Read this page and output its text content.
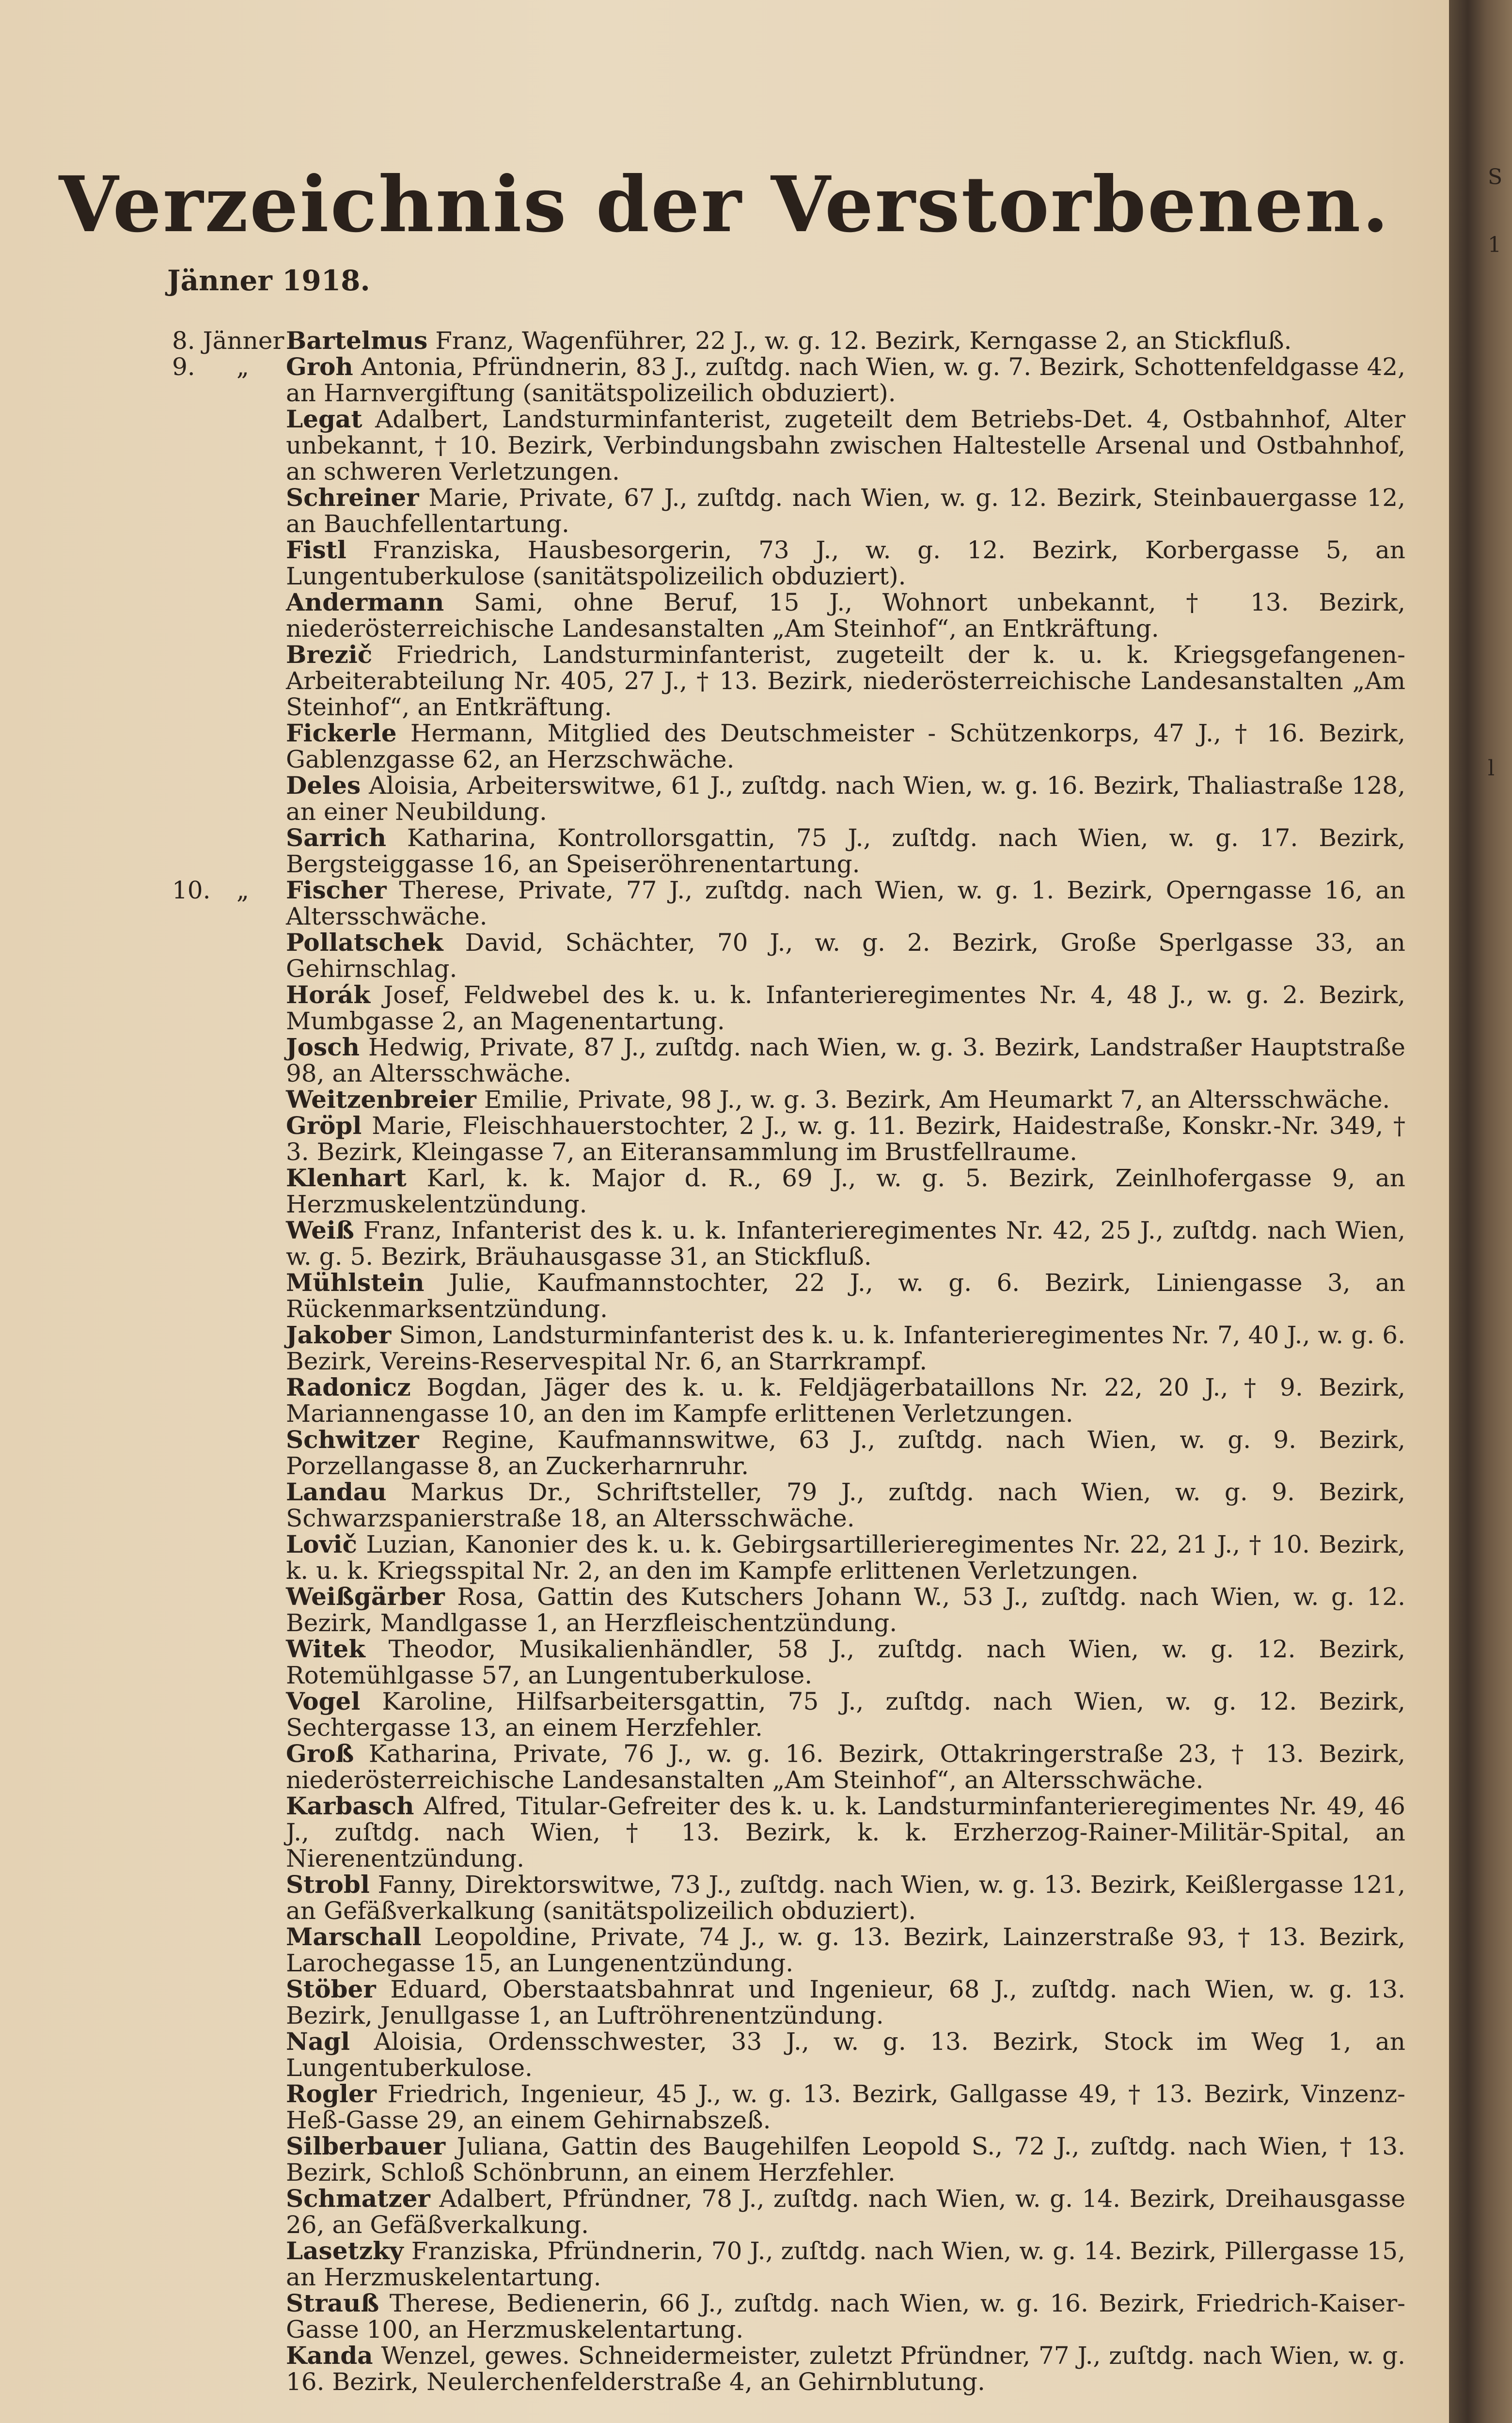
Verzeichnis der Verstorbenen.
Jänner 1918.
8. Jänner Bartelmus Franz, Wagenführer, 22 J., w. g. 12. Bezirk, Kerngasse 2, an Stickfluß.
9. „ Groh Antonia, Pfründnerin, 83 J., zuſtdg. nach Wien, w. g. 7. Bezirk, Schottenfeldgasse 42, an Harnvergiftung (sanitätspolizeilich obduziert).
Legat Adalbert, Landsturminfanterist, zugeteilt dem Betriebs-Det. 4, Ostbahnhof, Alter unbekannt, † 10. Bezirk, Verbindungsbahn zwischen Haltestelle Arsenal und Ostbahnhof, an schweren Verletzungen.
Schreiner Marie, Private, 67 J., zuſtdg. nach Wien, w. g. 12. Bezirk, Steinbauergasse 12, an Bauchfellentartung.
Fistl Franziska, Hausbesorgerin, 73 J., w. g. 12. Bezirk, Korbergasse 5, an Lungentuberkulose (sanitätspolizeilich obduziert).
Andermann Sami, ohne Beruf, 15 J., Wohnort unbekannt, † 13. Bezirk, niederösterreichische Landesanstalten „Am Steinhof“, an Entkräftung.
Brezič Friedrich, Landsturminfanterist, zugeteilt der k. u. k. Kriegsgefangenen-Arbeiterabteilung Nr. 405, 27 J., † 13. Bezirk, niederösterreichische Landesanstalten „Am Steinhof“, an Entkräftung.
Fickerle Hermann, Mitglied des Deutschmeister - Schützenkorps, 47 J., † 16. Bezirk, Gablenzgasse 62, an Herzschwäche.
Deles Aloisia, Arbeiterswitwe, 61 J., zuſtdg. nach Wien, w. g. 16. Bezirk, Thaliastraße 128, an einer Neubildung.
Sarrich Katharina, Kontrollorsgattin, 75 J., zuſtdg. nach Wien, w. g. 17. Bezirk, Bergsteiggasse 16, an Speiseröhrenentartung.
10. „ Fischer Therese, Private, 77 J., zuſtdg. nach Wien, w. g. 1. Bezirk, Operngasse 16, an Altersschwäche.
Pollatschek David, Schächter, 70 J., w. g. 2. Bezirk, Große Sperlgasse 33, an Gehirnschlag.
Horák Josef, Feldwebel des k. u. k. Infanterieregimentes Nr. 4, 48 J., w. g. 2. Bezirk, Mumbgasse 2, an Magenentartung.
Josch Hedwig, Private, 87 J., zuſtdg. nach Wien, w. g. 3. Bezirk, Landstraßer Hauptstraße 98, an Altersschwäche.
Weitzenbreier Emilie, Private, 98 J., w. g. 3. Bezirk, Am Heumarkt 7, an Altersschwäche.
Gröpl Marie, Fleischhauerstochter, 2 J., w. g. 11. Bezirk, Haidestraße, Konskr.-Nr. 349, † 3. Bezirk, Kleingasse 7, an Eiteransammlung im Brustfellraume.
Klenhart Karl, k. k. Major d. R., 69 J., w. g. 5. Bezirk, Zeinlhofergasse 9, an Herzmuskelentzündung.
Weiß Franz, Infanterist des k. u. k. Infanterieregimentes Nr. 42, 25 J., zuſtdg. nach Wien, w. g. 5. Bezirk, Bräuhausgasse 31, an Stickfluß.
Mühlstein Julie, Kaufmannstochter, 22 J., w. g. 6. Bezirk, Liniengasse 3, an Rückenmarksentzündung.
Jakober Simon, Landsturminfanterist des k. u. k. Infanterieregimentes Nr. 7, 40 J., w. g. 6. Bezirk, Vereins-Reservespital Nr. 6, an Starrkrampf.
Radonicz Bogdan, Jäger des k. u. k. Feldjägerbataillons Nr. 22, 20 J., † 9. Bezirk, Mariannengasse 10, an den im Kampfe erlittenen Verletzungen.
Schwitzer Regine, Kaufmannswitwe, 63 J., zuſtdg. nach Wien, w. g. 9. Bezirk, Porzellangasse 8, an Zuckerharnruhr.
Landau Markus Dr., Schriftsteller, 79 J., zuſtdg. nach Wien, w. g. 9. Bezirk, Schwarzspanierstraße 18, an Altersschwäche.
Lovič Luzian, Kanonier des k. u. k. Gebirgsartillerieregimentes Nr. 22, 21 J., † 10. Bezirk, k. u. k. Kriegsspital Nr. 2, an den im Kampfe erlittenen Verletzungen.
Weißgärber Rosa, Gattin des Kutschers Johann W., 53 J., zuſtdg. nach Wien, w. g. 12. Bezirk, Mandlgasse 1, an Herzfleischentzündung.
Witek Theodor, Musikalienhändler, 58 J., zuſtdg. nach Wien, w. g. 12. Bezirk, Rotemühlgasse 57, an Lungentuberkulose.
Vogel Karoline, Hilfsarbeitersgattin, 75 J., zuſtdg. nach Wien, w. g. 12. Bezirk, Sechtergasse 13, an einem Herzfehler.
Groß Katharina, Private, 76 J., w. g. 16. Bezirk, Ottakringerstraße 23, † 13. Bezirk, niederösterreichische Landesanstalten „Am Steinhof“, an Altersschwäche.
Karbasch Alfred, Titular-Gefreiter des k. u. k. Landsturminfanterieregimentes Nr. 49, 46 J., zuſtdg. nach Wien, † 13. Bezirk, k. k. Erzherzog-Rainer-Militär-Spital, an Nierenentzündung.
Strobl Fanny, Direktorswitwe, 73 J., zuſtdg. nach Wien, w. g. 13. Bezirk, Keißlergasse 121, an Gefäßverkalkung (sanitätspolizeilich obduziert).
Marschall Leopoldine, Private, 74 J., w. g. 13. Bezirk, Lainzerstraße 93, † 13. Bezirk, Larochegasse 15, an Lungenentzündung.
Stöber Eduard, Oberstaatsbahnrat und Ingenieur, 68 J., zuſtdg. nach Wien, w. g. 13. Bezirk, Jenullgasse 1, an Luftröhrenentzündung.
Nagl Aloisia, Ordensschwester, 33 J., w. g. 13. Bezirk, Stock im Weg 1, an Lungentuberkulose.
Rogler Friedrich, Ingenieur, 45 J., w. g. 13. Bezirk, Gallgasse 49, † 13. Bezirk, Vinzenz-Heß-Gasse 29, an einem Gehirnabszeß.
Silberbauer Juliana, Gattin des Baugehilfen Leopold S., 72 J., zuſtdg. nach Wien, † 13. Bezirk, Schloß Schönbrunn, an einem Herzfehler.
Schmatzer Adalbert, Pfründner, 78 J., zuſtdg. nach Wien, w. g. 14. Bezirk, Dreihausgasse 26, an Gefäßverkalkung.
Lasetzky Franziska, Pfründnerin, 70 J., zuſtdg. nach Wien, w. g. 14. Bezirk, Pillergasse 15, an Herzmuskelentartung.
Strauß Therese, Bedienerin, 66 J., zuſtdg. nach Wien, w. g. 16. Bezirk, Friedrich-Kaiser-Gasse 100, an Herzmuskelentartung.
Kanda Wenzel, gewes. Schneidermeister, zuletzt Pfründner, 77 J., zuſtdg. nach Wien, w. g. 16. Bezirk, Neulerchenfelderstraße 4, an Gehirnblutung.
S
1
l
